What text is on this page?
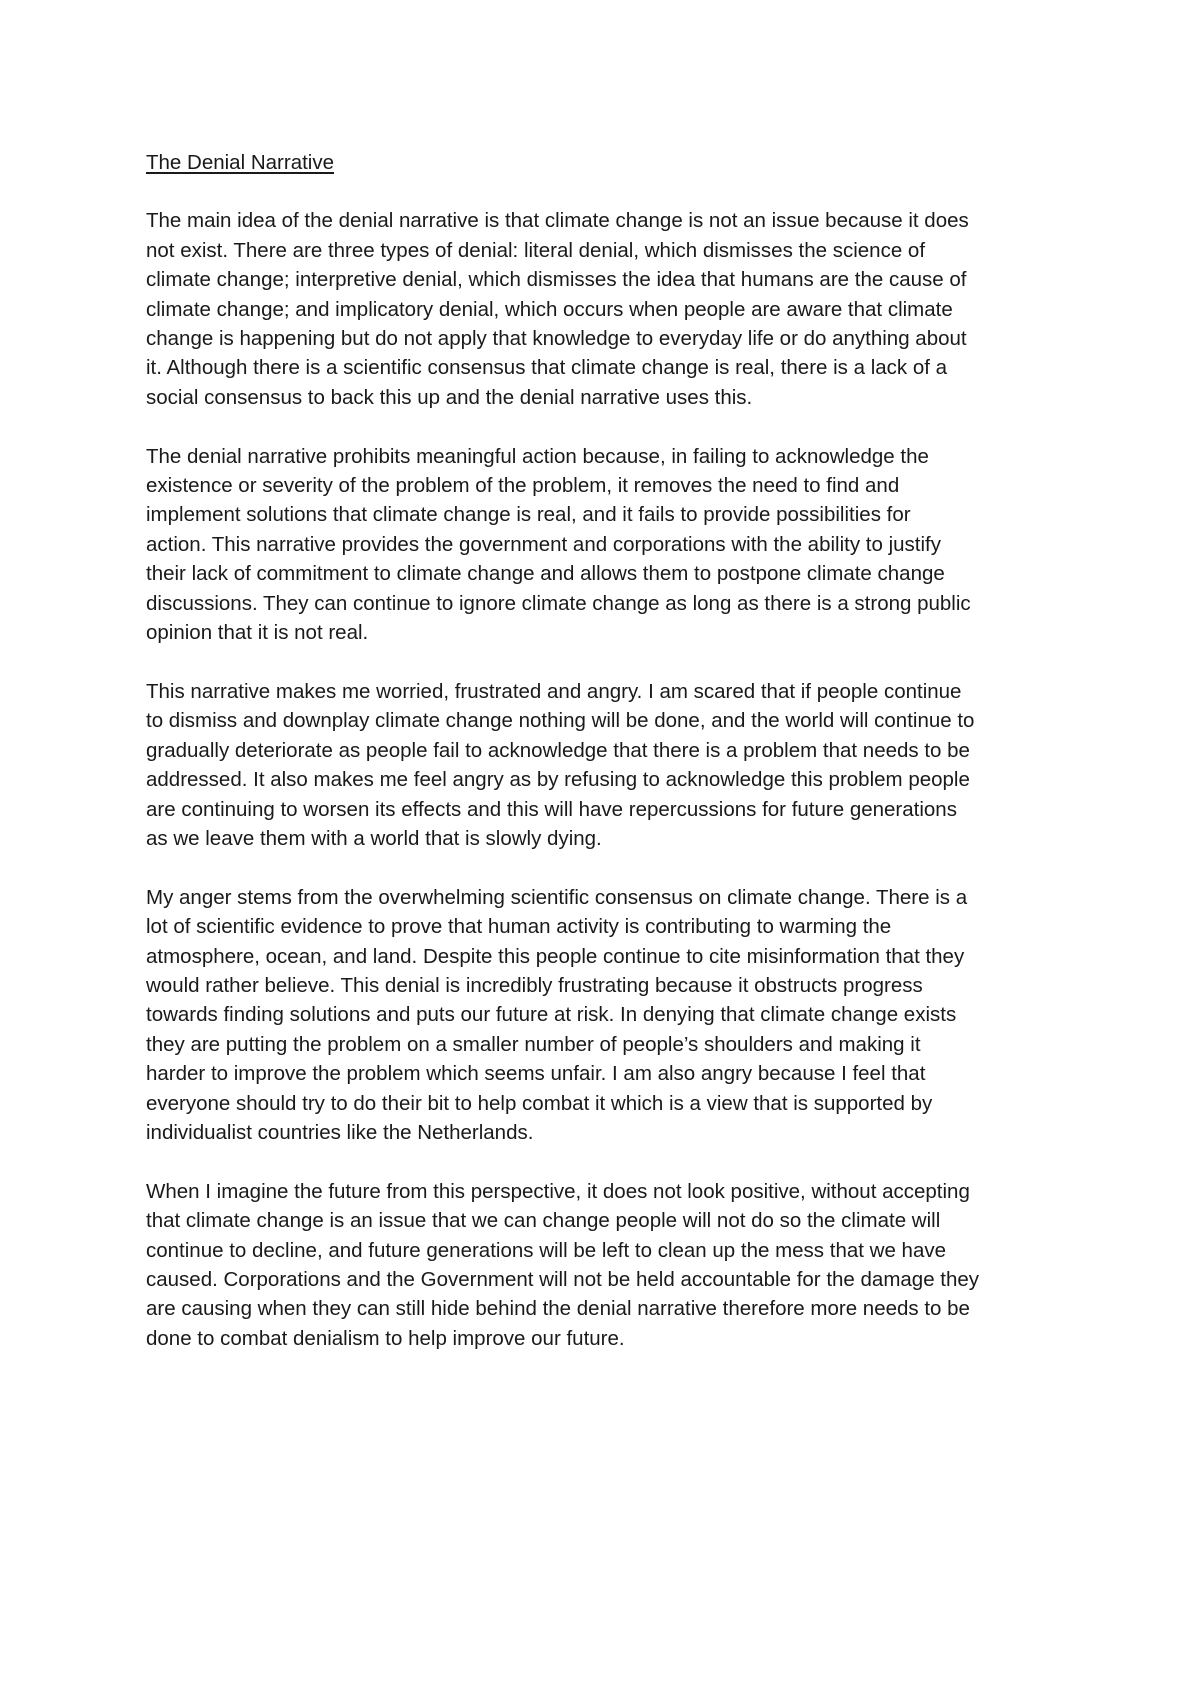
The Denial Narrative

The main idea of the denial narrative is that climate change is not an issue because it does
not exist. There are three types of denial: literal denial, which dismisses the science of
climate change; interpretive denial, which dismisses the idea that humans are the cause of
climate change; and implicatory denial, which occurs when people are aware that climate
change is happening but do not apply that knowledge to everyday life or do anything about
it. Although there is a scientific consensus that climate change is real, there is a lack of a
social consensus to back this up and the denial narrative uses this.

The denial narrative prohibits meaningful action because, in failing to acknowledge the
existence or severity of the problem of the problem, it removes the need to find and
implement solutions that climate change is real, and it fails to provide possibilities for
action. This narrative provides the government and corporations with the ability to justify
their lack of commitment to climate change and allows them to postpone climate change
discussions. They can continue to ignore climate change as long as there is a strong public
opinion that it is not real.

This narrative makes me worried, frustrated and angry. I am scared that if people continue
to dismiss and downplay climate change nothing will be done, and the world will continue to
gradually deteriorate as people fail to acknowledge that there is a problem that needs to be
addressed. It also makes me feel angry as by refusing to acknowledge this problem people
are continuing to worsen its effects and this will have repercussions for future generations
as we leave them with a world that is slowly dying.

My anger stems from the overwhelming scientific consensus on climate change. There is a
lot of scientific evidence to prove that human activity is contributing to warming the
atmosphere, ocean, and land. Despite this people continue to cite misinformation that they
would rather believe. This denial is incredibly frustrating because it obstructs progress
towards finding solutions and puts our future at risk. In denying that climate change exists
they are putting the problem on a smaller number of people’s shoulders and making it
harder to improve the problem which seems unfair. I am also angry because I feel that
everyone should try to do their bit to help combat it which is a view that is supported by
individualist countries like the Netherlands.

When I imagine the future from this perspective, it does not look positive, without accepting
that climate change is an issue that we can change people will not do so the climate will
continue to decline, and future generations will be left to clean up the mess that we have
caused. Corporations and the Government will not be held accountable for the damage they
are causing when they can still hide behind the denial narrative therefore more needs to be
done to combat denialism to help improve our future.
